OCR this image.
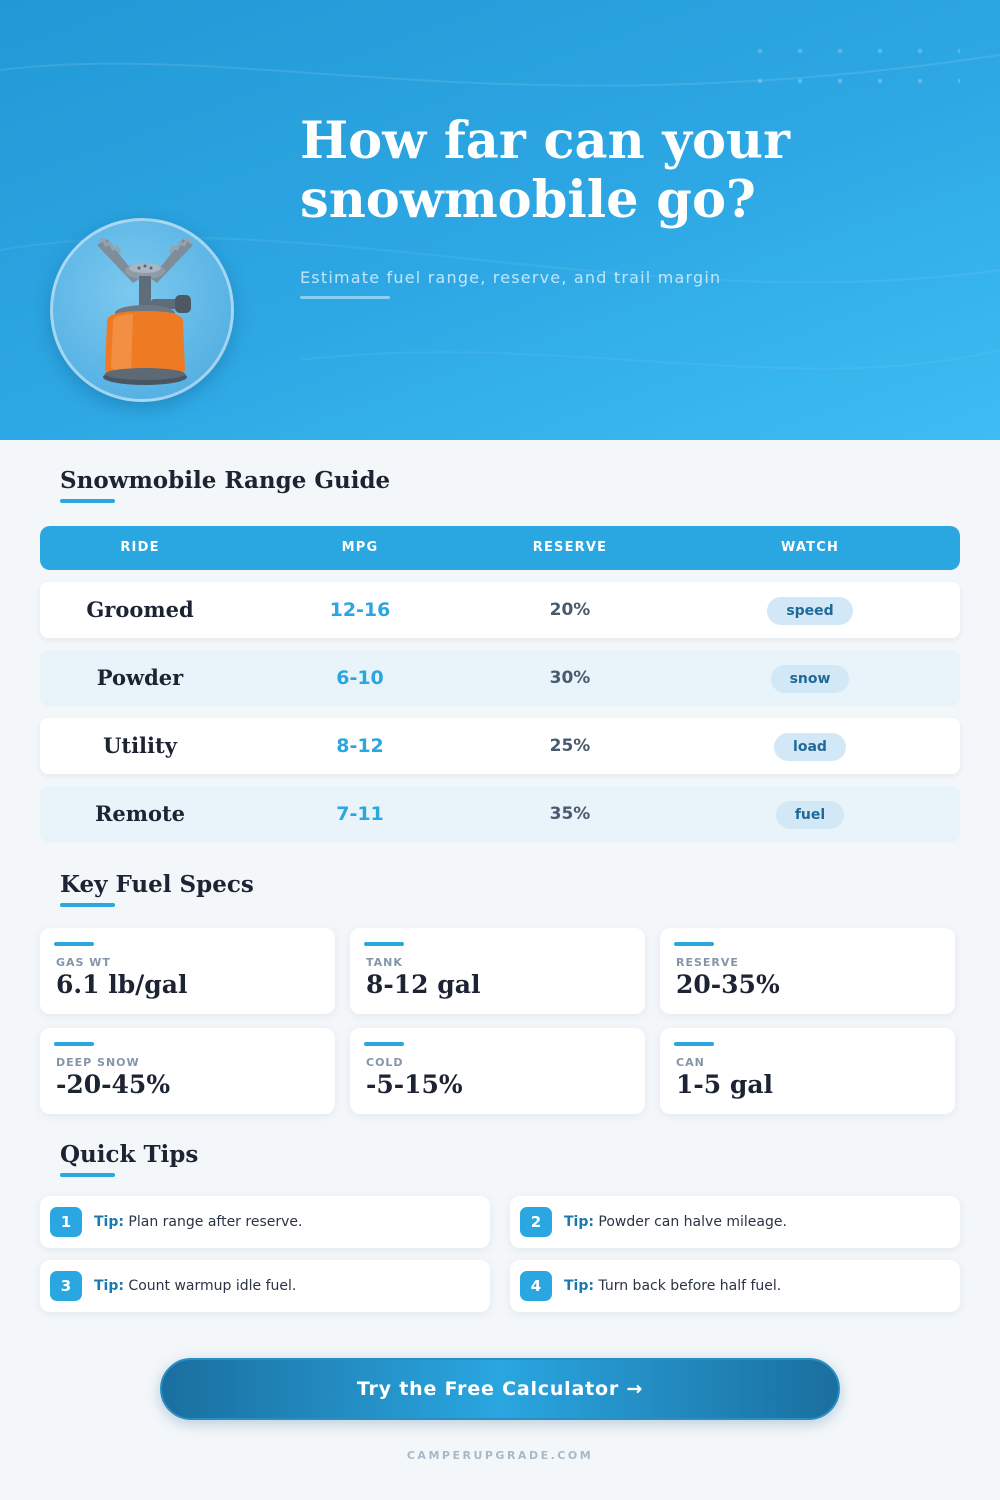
How far can your
snowmobile go?
Estimate fuel range, reserve, and trail margin
Snowmobile Range Guide
RIDE	MPG	RESERVE	WATCH
Groomed	12-16	20%	speed
Powder	6-10	30%	snow
Utility	8-12	25%	load
Remote	7-11	35%	fuel
Key Fuel Specs
GAS WT
6.1 lb/gal
TANK
8-12 gal
RESERVE
20-35%
DEEP SNOW
-20-45%
COLD
-5-15%
CAN
1-5 gal
Quick Tips
1	Tip: Plan range after reserve.	2	Tip: Powder can halve mileage.
3	Tip: Count warmup idle fuel.	4	Tip: Turn back before half fuel.
Try the Free Calculator →
CAMPERUPGRADE.COM
